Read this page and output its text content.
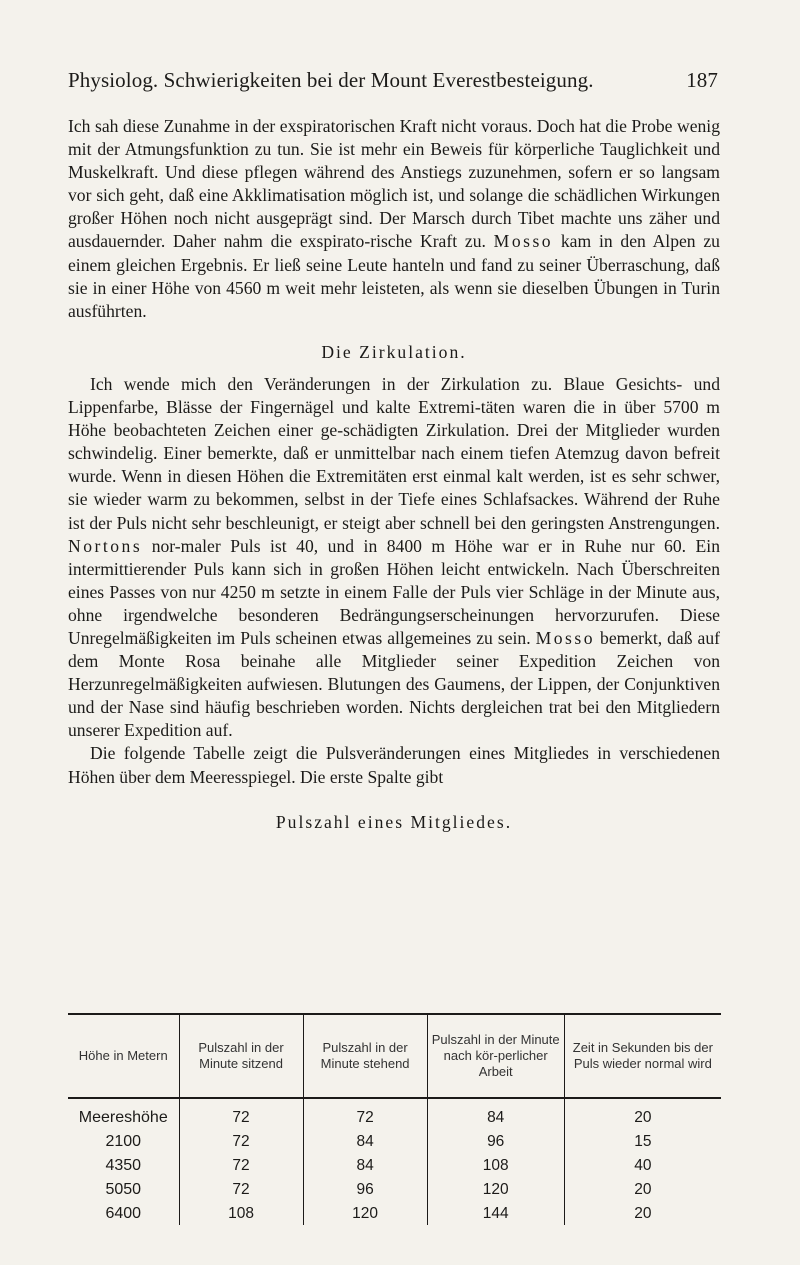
Physiolog. Schwierigkeiten bei der Mount Everestbesteigung.	187

Ich sah diese Zunahme in der exspiratorischen Kraft nicht voraus. Doch hat die Probe wenig mit der Atmungsfunktion zu tun. Sie ist mehr ein Beweis für körperliche Tauglichkeit und Muskelkraft. Und diese pflegen während des Anstiegs zuzunehmen, sofern er so langsam vor sich geht, daß eine Akklimatisation möglich ist, und solange die schädlichen Wirkungen großer Höhen noch nicht ausgeprägt sind. Der Marsch durch Tibet machte uns zäher und ausdauernder. Daher nahm die exspirato-rische Kraft zu. Mosso kam in den Alpen zu einem gleichen Ergebnis. Er ließ seine Leute hanteln und fand zu seiner Überraschung, daß sie in einer Höhe von 4560 m weit mehr leisteten, als wenn sie dieselben Übungen in Turin ausführten.
Die Zirkulation.

Ich wende mich den Veränderungen in der Zirkulation zu. Blaue Gesichts- und Lippenfarbe, Blässe der Fingernägel und kalte Extremi-täten waren die in über 5700 m Höhe beobachteten Zeichen einer ge-schädigten Zirkulation. Drei der Mitglieder wurden schwindelig. Einer bemerkte, daß er unmittelbar nach einem tiefen Atemzug davon befreit wurde. Wenn in diesen Höhen die Extremitäten erst einmal kalt werden, ist es sehr schwer, sie wieder warm zu bekommen, selbst in der Tiefe eines Schlafsackes. Während der Ruhe ist der Puls nicht sehr beschleunigt, er steigt aber schnell bei den geringsten Anstrengungen. Nortons nor-maler Puls ist 40, und in 8400 m Höhe war er in Ruhe nur 60. Ein intermittierender Puls kann sich in großen Höhen leicht entwickeln. Nach Überschreiten eines Passes von nur 4250 m setzte in einem Falle der Puls vier Schläge in der Minute aus, ohne irgendwelche besonderen Bedrängungserscheinungen hervorzurufen. Diese Unregelmäßigkeiten im Puls scheinen etwas allgemeines zu sein. Mosso bemerkt, daß auf dem Monte Rosa beinahe alle Mitglieder seiner Expedition Zeichen von Herzunregelmäßigkeiten aufwiesen. Blutungen des Gaumens, der Lippen, der Conjunktiven und der Nase sind häufig beschrieben worden. Nichts dergleichen trat bei den Mitgliedern unserer Expedition auf.

Die folgende Tabelle zeigt die Pulsveränderungen eines Mitgliedes in verschiedenen Höhen über dem Meeresspiegel. Die erste Spalte gibt

Pulszahl eines Mitgliedes.
Höhe in Metern	Pulszahl in der Minute sitzend	Pulszahl in der Minute stehend	Pulszahl in der Minute nach kör-perlicher Arbeit	Zeit in Sekunden bis der Puls wieder normal wird
Meereshöhe	72	72	84	20
2100	72	84	96	15
4350	72	84	108	40
5050	72	96	120	20
6400	108	120	144	20
